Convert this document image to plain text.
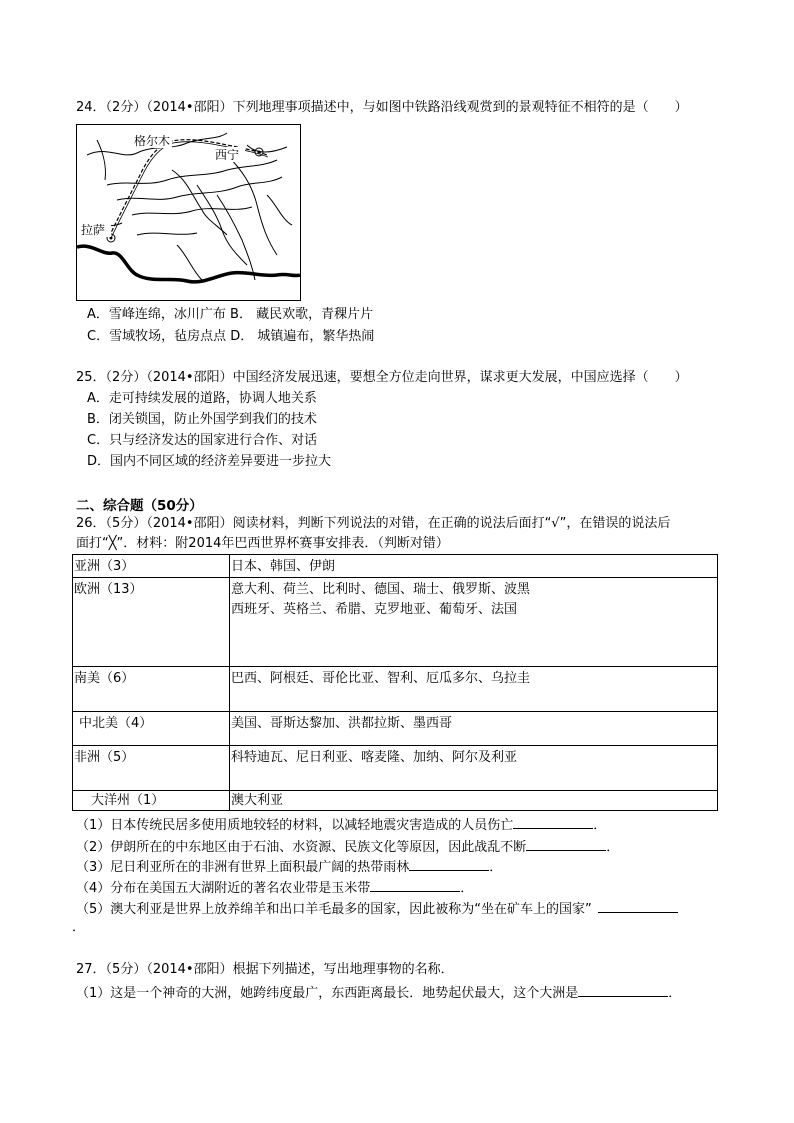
24．（2分）（2014•邵阳）下列地理事项描述中，与如图中铁路沿线观赏到的景观特征不相符的是（　　）
格尔木
西宁
拉萨
A．雪峰连绵，冰川广布 B． 藏民欢歌，青稞片片
C．雪域牧场，毡房点点 D． 城镇遍布，繁华热闹
25．（2分）（2014•邵阳）中国经济发展迅速，要想全方位走向世界，谋求更大发展，中国应选择（　　）
A．走可持续发展的道路，协调人地关系
B．闭关锁国，防止外国学到我们的技术
C．只与经济发达的国家进行合作、对话
D．国内不同区域的经济差异要进一步拉大
二、综合题（50分）
26．（5分）（2014•邵阳）阅读材料，判断下列说法的对错，在正确的说法后面打“√”，在错误的说法后
面打“╳”．材料：附2014年巴西世界杯赛事安排表．（判断对错）
亚洲（3）	日本、韩国、伊朗

欧洲（13）	意大利、荷兰、比利时、德国、瑞士、俄罗斯、波黑
西班牙、英格兰、希腊、克罗地亚、葡萄牙、法国

南美（6）	巴西、阿根廷、哥伦比亚、智利、厄瓜多尔、乌拉圭

中北美（4）	美国、哥斯达黎加、洪都拉斯、墨西哥

非洲（5）	科特迪瓦、尼日利亚、喀麦隆、加纳、阿尔及利亚

大洋州（1）	澳大利亚
（1）日本传统民居多使用质地较轻的材料，以减轻地震灾害造成的人员伤亡	．
（2）伊朗所在的中东地区由于石油、水资源、民族文化等原因，因此战乱不断	．
（3）尼日利亚所在的非洲有世界上面积最广阔的热带雨林	．
（4）分布在美国五大湖附近的著名农业带是玉米带	．
（5）澳大利亚是世界上放养绵羊和出口羊毛最多的国家，因此被称为“坐在矿车上的国家”
．
27．（5分）（2014•邵阳）根据下列描述，写出地理事物的名称．
（1）这是一个神奇的大洲，她跨纬度最广，东西距离最长．地势起伏最大，这个大洲是	．
